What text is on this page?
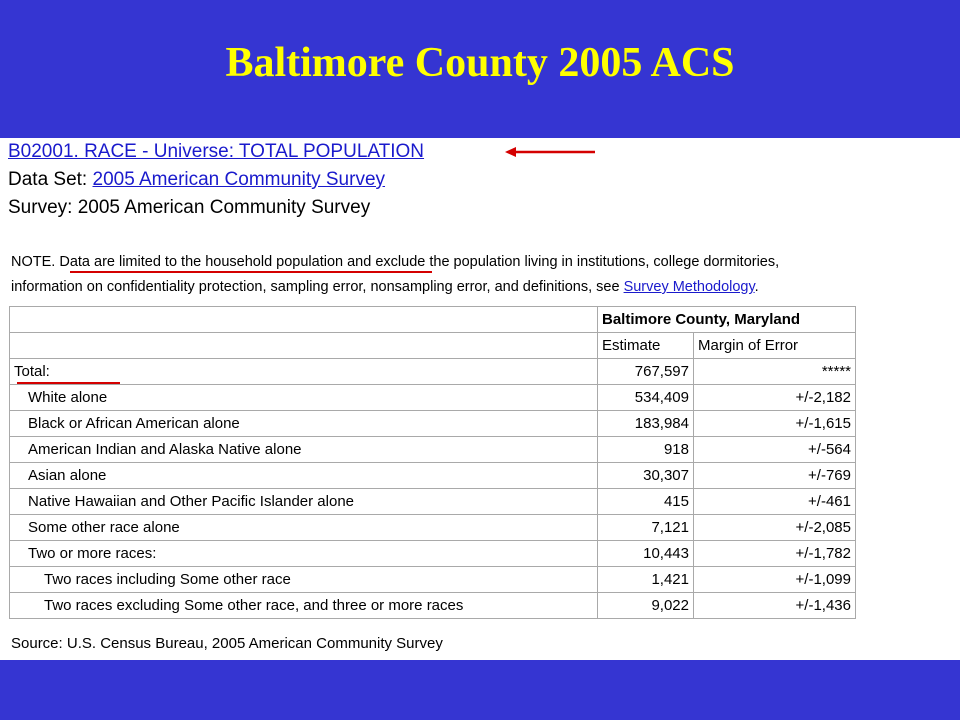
Baltimore County 2005 ACS
B02001. RACE - Universe: TOTAL POPULATION
Data Set: 2005 American Community Survey
Survey: 2005 American Community Survey
NOTE. Data are limited to the household population and exclude the population living in institutions, college dormitories,
information on confidentiality protection, sampling error, nonsampling error, and definitions, see Survey Methodology.
	Baltimore County, Maryland	
	Estimate	Margin of Error
Total:	767,597	*****
White alone	534,409	+/-2,182
Black or African American alone	183,984	+/-1,615
American Indian and Alaska Native alone	918	+/-564
Asian alone	30,307	+/-769
Native Hawaiian and Other Pacific Islander alone	415	+/-461
Some other race alone	7,121	+/-2,085
Two or more races:	10,443	+/-1,782
Two races including Some other race	1,421	+/-1,099
Two races excluding Some other race, and three or more races	9,022	+/-1,436
Source: U.S. Census Bureau, 2005 American Community Survey
